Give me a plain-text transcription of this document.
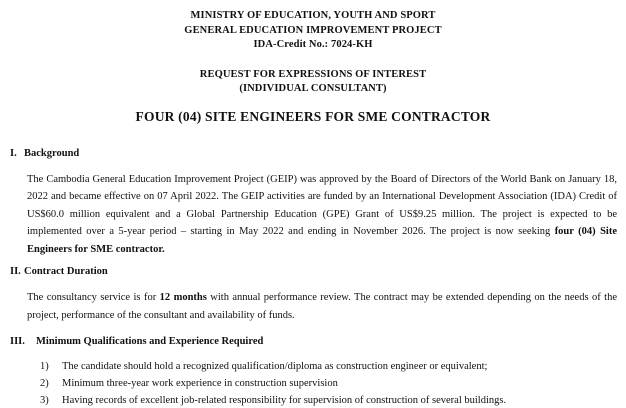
MINISTRY OF EDUCATION, YOUTH AND SPORT
GENERAL EDUCATION IMPROVEMENT PROJECT
IDA-Credit No.: 7024-KH
REQUEST FOR EXPRESSIONS OF INTEREST
(INDIVIDUAL CONSULTANT)
FOUR (04) SITE ENGINEERS FOR SME CONTRACTOR
I. Background

The Cambodia General Education Improvement Project (GEIP) was approved by the Board of Directors of the World Bank on January 18, 2022 and became effective on 07 April 2022. The GEIP activities are funded by an International Development Association (IDA) Credit of US$60.0 million equivalent and a Global Partnership Education (GPE) Grant of US$9.25 million. The project is expected to be implemented over a 5-year period – starting in May 2022 and ending in November 2026. The project is now seeking four (04) Site Engineers for SME contractor.

II. Contract Duration

The consultancy service is for 12 months with annual performance review. The contract may be extended depending on the needs of the project, performance of the consultant and availability of funds.

III. Minimum Qualifications and Experience Required
1)	The candidate should hold a recognized qualification/diploma as construction engineer or equivalent;
2)	Minimum three-year work experience in construction supervision
3)	Having records of excellent job-related responsibility for supervision of construction of several buildings.
